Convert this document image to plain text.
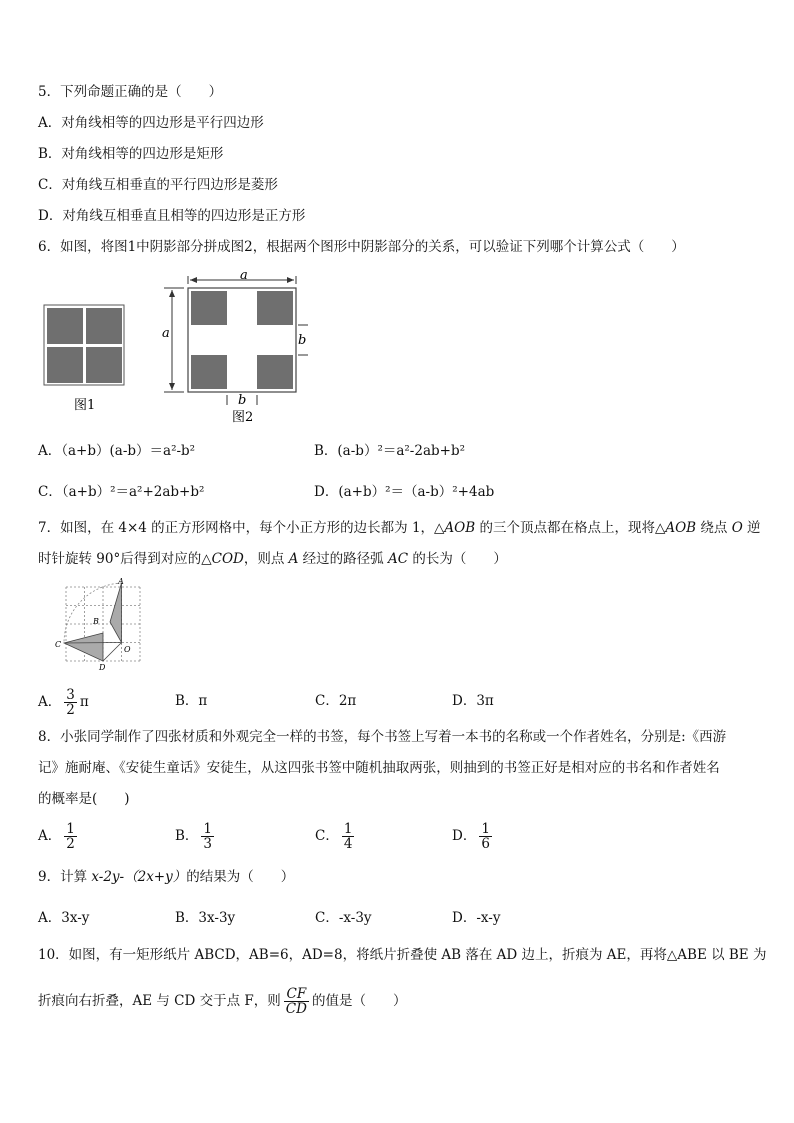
5．下列命题正确的是（　　）
A．对角线相等的四边形是平行四边形
B．对角线相等的四边形是矩形
C．对角线互相垂直的平行四边形是菱形
D．对角线互相垂直且相等的四边形是正方形
6．如图，将图1中阴影部分拼成图2，根据两个图形中阴影部分的关系，可以验证下列哪个计算公式（　　）
图1
a
a	b
b
图2
A．（a+b）(a-b）＝a²-b²	B．(a-b）²＝a²-2ab+b²
C．（a+b）²＝a²+2ab+b²	D．(a+b）²＝（a-b）²+4ab
7．如图，在 4×4 的正方形网格中，每个小正方形的边长都为 1，△AOB 的三个顶点都在格点上，现将△AOB 绕点 O 逆
时针旋转 90°后得到对应的△COD，则点 A 经过的路径弧 AC 的长为（　　）
A
B
C
D
O
A． $\frac{3}{2}$ π	B．π	C．2π	D．3π
8．小张同学制作了四张材质和外观完全一样的书签，每个书签上写着一本书的名称或一个作者姓名，分别是:《西游
记》施耐庵、《安徒生童话》安徒生，从这四张书签中随机抽取两张，则抽到的书签正好是相对应的书名和作者姓名
的概率是(　　)
A． $\frac{1}{2}$	B． $\frac{1}{3}$	C． $\frac{1}{4}$	D． $\frac{1}{6}$
9．计算 x-2y-（2x+y）的结果为（　　）
A．3x-y	B．3x-3y	C．-x-3y	D．-x-y
10．如图，有一矩形纸片 ABCD，AB=6，AD=8，将纸片折叠使 AB 落在 AD 边上，折痕为 AE，再将△ABE 以 BE 为
折痕向右折叠，AE 与 CD 交于点 F，则 $\frac{CF}{CD}$ 的值是（　　）
